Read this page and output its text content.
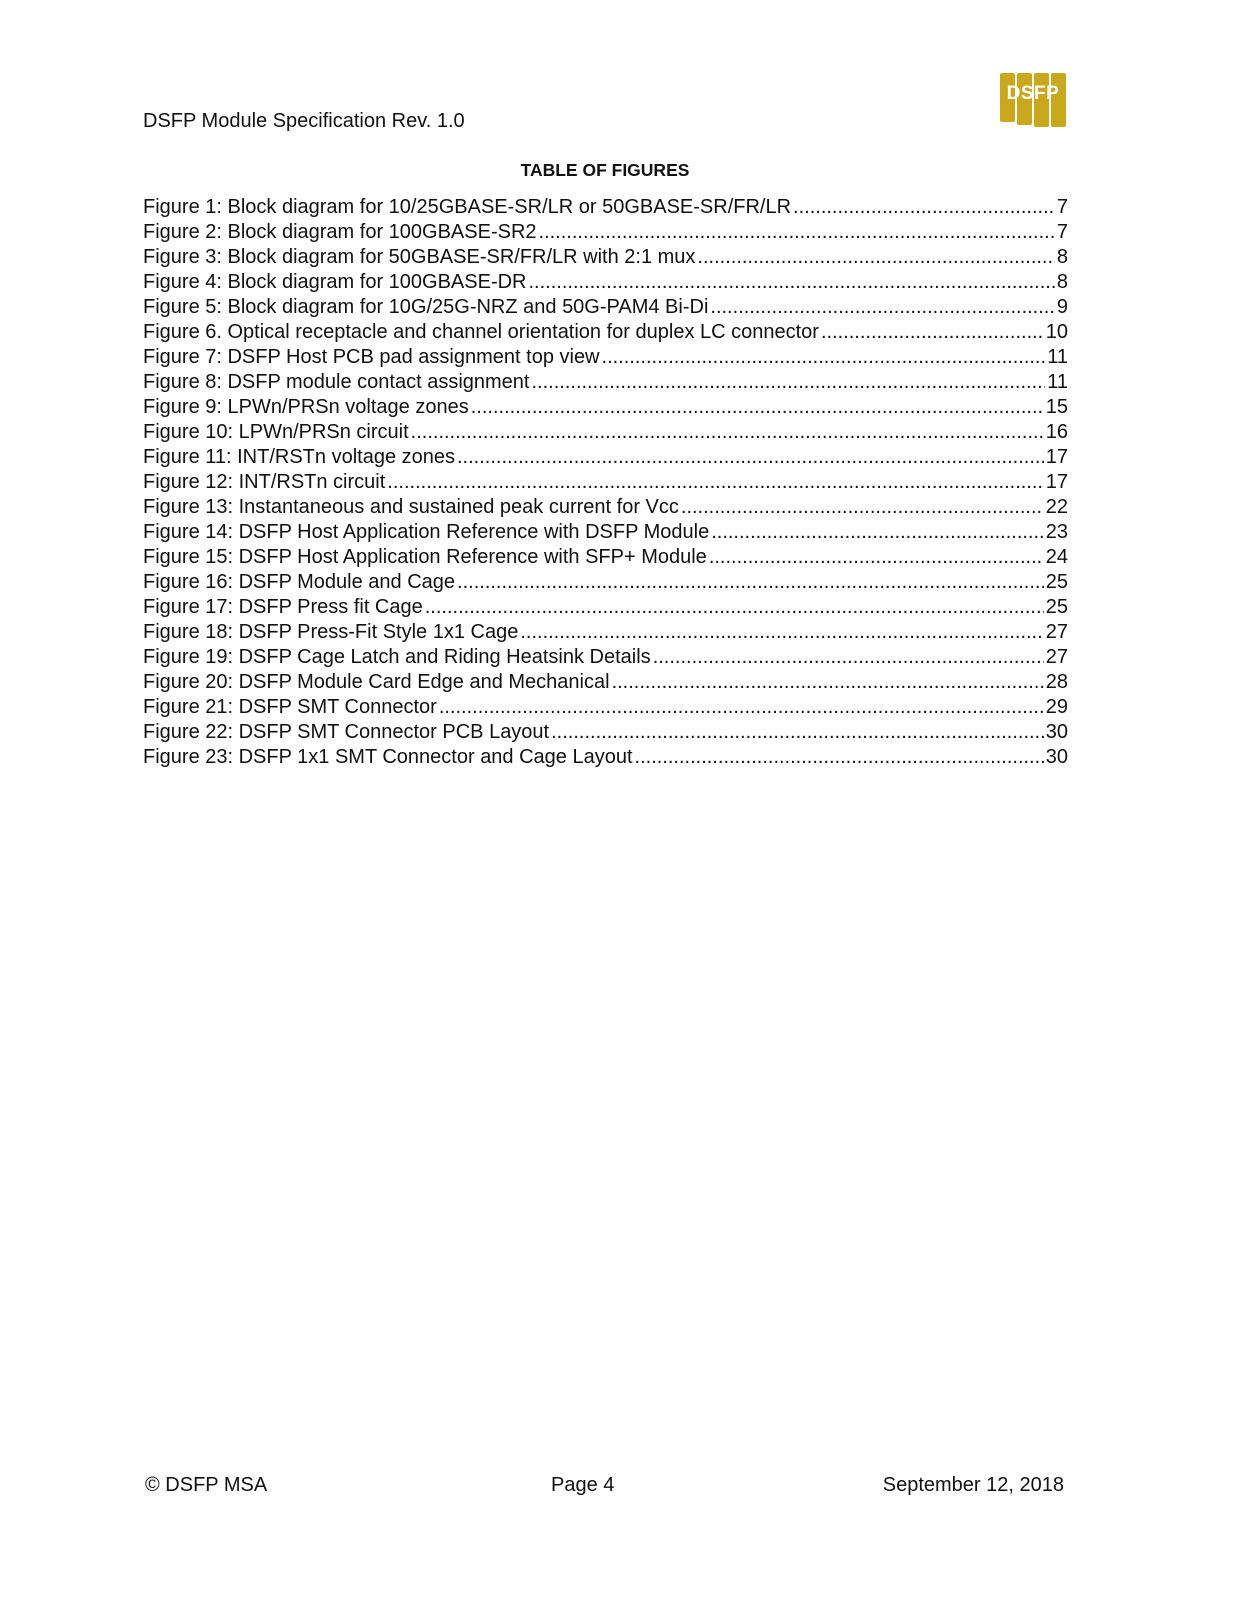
DSFP Module Specification Rev. 1.0
DSFP
TABLE OF FIGURES
Figure 1: Block diagram for 10/25GBASE-SR/LR or 50GBASE-SR/FR/LR .....	7
Figure 2: Block diagram for 100GBASE-SR2 .....	7
Figure 3: Block diagram for 50GBASE-SR/FR/LR with 2:1 mux .....	8
Figure 4: Block diagram for 100GBASE-DR .....	8
Figure 5: Block diagram for 10G/25G-NRZ and 50G-PAM4 Bi-Di .....	9
Figure 6. Optical receptacle and channel orientation for duplex LC connector .....	10
Figure 7: DSFP Host PCB pad assignment top view .....	11
Figure 8: DSFP module contact assignment .....	11
Figure 9: LPWn/PRSn voltage zones .....	15
Figure 10: LPWn/PRSn circuit .....	16
Figure 11: INT/RSTn voltage zones .....	17
Figure 12: INT/RSTn circuit .....	17
Figure 13: Instantaneous and sustained peak current for Vcc .....	22
Figure 14: DSFP Host Application Reference with DSFP Module .....	23
Figure 15: DSFP Host Application Reference with SFP+ Module .....	24
Figure 16: DSFP Module and Cage .....	25
Figure 17: DSFP Press fit Cage .....	25
Figure 18: DSFP Press-Fit Style 1x1 Cage .....	27
Figure 19: DSFP Cage Latch and Riding Heatsink Details .....	27
Figure 20: DSFP Module Card Edge and Mechanical .....	28
Figure 21: DSFP SMT Connector .....	29
Figure 22: DSFP SMT Connector PCB Layout .....	30
Figure 23: DSFP 1x1 SMT Connector and Cage Layout .....	30
© DSFP MSA	Page 4	September 12, 2018
